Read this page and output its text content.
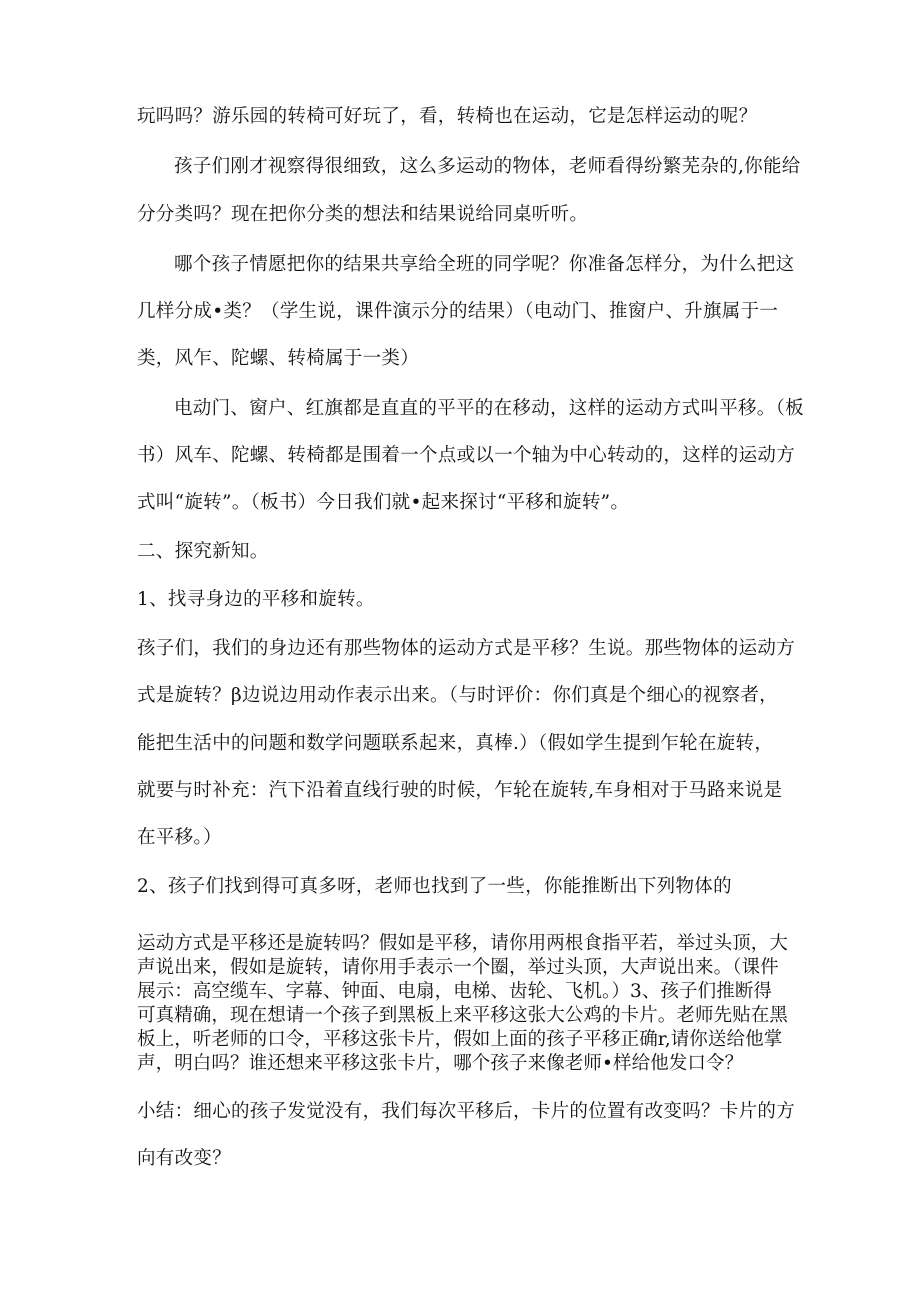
玩吗吗？游乐园的转椅可好玩了，看，转椅也在运动，它是怎样运动的呢？
孩子们刚才视察得很细致，这么多运动的物体，老师看得纷繁芜杂的,你能给
分分类吗？现在把你分类的想法和结果说给同桌听听。
哪个孩子情愿把你的结果共享给全班的同学呢？你准备怎样分，为什么把这
几样分成•类？（学生说，课件演示分的结果）（电动门、推窗户、升旗属于一
类，风乍、陀螺、转椅属于一类）
电动门、窗户、红旗都是直直的平平的在移动，这样的运动方式叫平移。（板
书）风车、陀螺、转椅都是围着一个点或以一个轴为中心转动的，这样的运动方
式叫“旋转”。（板书）今日我们就•起来探讨“平移和旋转”。
二、探究新知。
1、找寻身边的平移和旋转。
孩子们，我们的身边还有那些物体的运动方式是平移？生说。那些物体的运动方
式是旋转？β边说边用动作表示出来。（与时评价：你们真是个细心的视察者，
能把生活中的问题和数学问题联系起来，真棒.）（假如学生提到乍轮在旋转，
就要与时补充：汽下沿着直线行驶的时候，乍轮在旋转,车身相对于马路来说是
在平移。）
2、孩子们找到得可真多呀，老师也找到了一些，你能推断出下列物体的
运动方式是平移还是旋转吗？假如是平移，请你用两根食指平若，举过头顶，大
声说出来，假如是旋转，请你用手表示一个圈，举过头顶，大声说出来。（课件
展示：高空缆车、字幕、钟面、电扇，电梯、齿轮、飞机。）3、孩子们推断得
可真精确，现在想请一个孩子到黑板上来平移这张大公鸡的卡片。老师先贴在黑
板上，听老师的口令，平移这张卡片，假如上面的孩子平移正确r,请你送给他掌
声，明白吗？谁还想来平移这张卡片，哪个孩子来像老师•样给他发口令？
小结：细心的孩子发觉没有，我们每次平移后，卡片的位置有改变吗？卡片的方
向有改变？
